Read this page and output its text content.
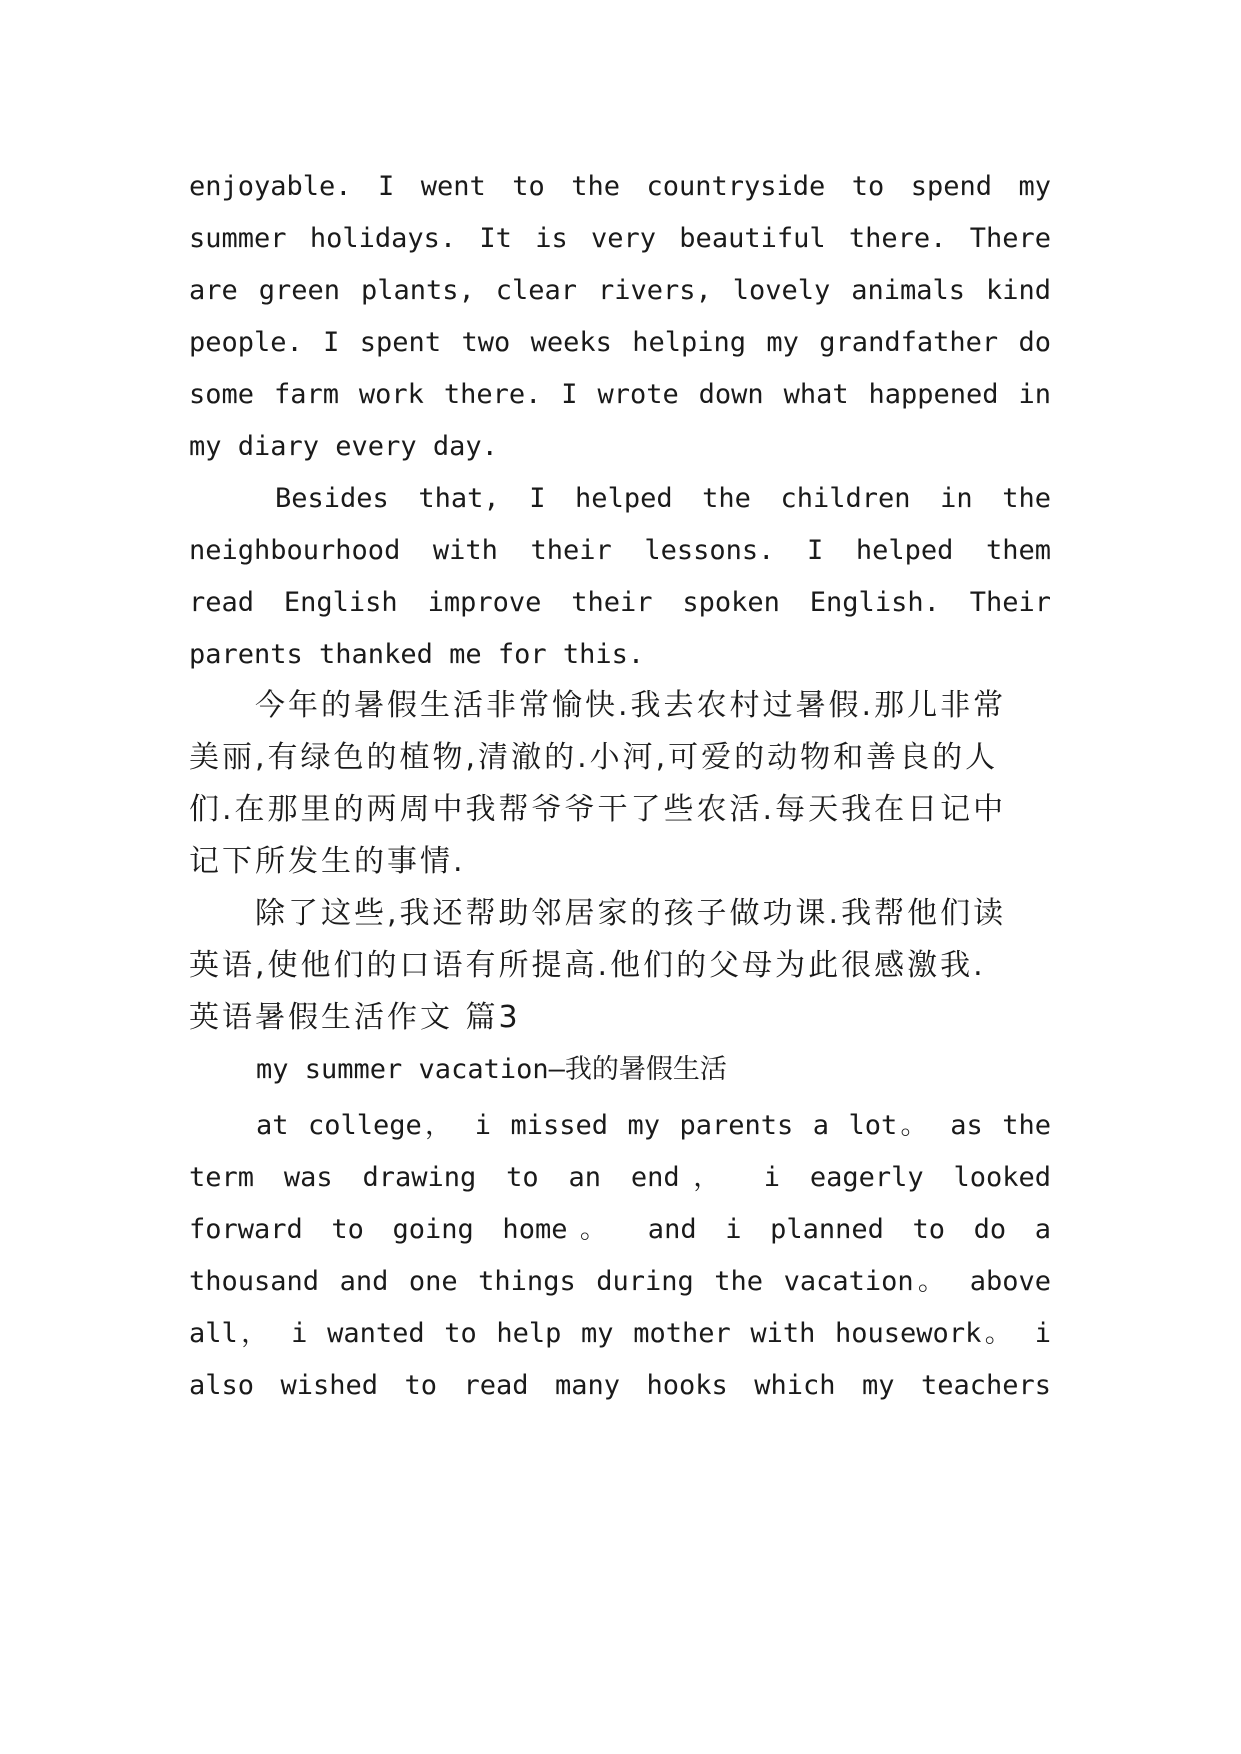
enjoyable. I went to the countryside to spend my
summer holidays. It is very beautiful there. There
are green plants, clear rivers, lovely animals kind
people. I spent two weeks helping my grandfather do
some farm work there. I wrote down what happened in
my diary every day.
Besides that, I helped the children in the
neighbourhood with their lessons. I helped them
read English improve their spoken English. Their
parents thanked me for this.
今年的暑假生活非常愉快.我去农村过暑假.那儿非常
美丽,有绿色的植物,清澈的.小河,可爱的动物和善良的人
们.在那里的两周中我帮爷爷干了些农活.每天我在日记中
记下所发生的事情.
除了这些,我还帮助邻居家的孩子做功课.我帮他们读
英语,使他们的口语有所提高.他们的父母为此很感激我.
英语暑假生活作文 篇3
my summer vacation—我的暑假生活
at college， i missed my parents a lot。 as the
term was drawing to an end， i eagerly looked
forward to going home。 and i planned to do a
thousand and one things during the vacation。 above
all， i wanted to help my mother with housework。 i
also wished to read many hooks which my teachers
